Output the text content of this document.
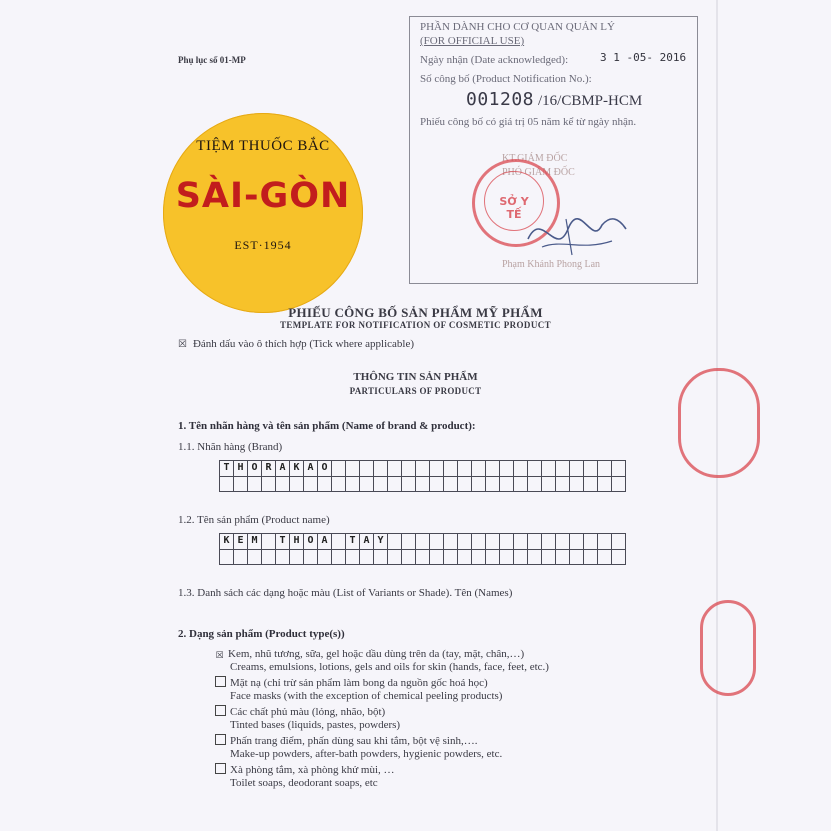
Phụ lục số 01-MP
PHẦN DÀNH CHO CƠ QUAN QUẢN LÝ
(FOR OFFICIAL USE)
Ngày nhận (Date acknowledged):	3 1 -05- 2016
Số công bố (Product Notification No.):
001208 /16/CBMP-HCM
Phiếu công bố có giá trị 05 năm kể từ ngày nhận.
KT.GIÁM ĐỐC
PHÓ GIÁM ĐỐC
Phạm Khánh Phong Lan
SỞ Y TẾ
TIỆM THUỐC BẮC
SÀI-GÒN
EST·1954
PHIẾU CÔNG BỐ SẢN PHẨM MỸ PHẨM
TEMPLATE FOR NOTIFICATION OF COSMETIC PRODUCT
☒ Đánh dấu vào ô thích hợp (Tick where applicable)
THÔNG TIN SẢN PHẨM
PARTICULARS OF PRODUCT
1. Tên nhãn hàng và tên sản phẩm (Name of brand & product):
1.1. Nhãn hàng (Brand)
T H O R A K A O
1.2. Tên sản phẩm (Product name)
K E M	T H O A	T A Y
1.3. Danh sách các dạng hoặc màu (List of Variants or Shade). Tên (Names)
2. Dạng sản phẩm (Product type(s))
☒ Kem, nhũ tương, sữa, gel hoặc dầu dùng trên da (tay, mặt, chân,…)
Creams, emulsions, lotions, gels and oils for skin (hands, face, feet, etc.)
Mặt nạ (chỉ trừ sản phẩm làm bong da nguồn gốc hoá học)
Face masks (with the exception of chemical peeling products)
Các chất phủ màu (lỏng, nhão, bột)
Tinted bases (liquids, pastes, powders)
Phấn trang điểm, phấn dùng sau khi tắm, bột vệ sinh,….
Make-up powders, after-bath powders, hygienic powders, etc.
Xà phòng tắm, xà phòng khử mùi, …
Toilet soaps, deodorant soaps, etc
